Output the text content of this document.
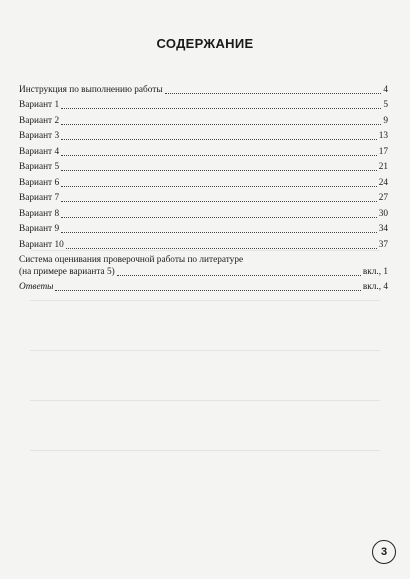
СОДЕРЖАНИЕ
Инструкция по выполнению работы	4
Вариант 1	5
Вариант 2	9
Вариант 3	13
Вариант 4	17
Вариант 5	21
Вариант 6	24
Вариант 7	27
Вариант 8	30
Вариант 9	34
Вариант 10	37
Система оценивания проверочной работы по литературе
(на примере варианта 5)	вкл., 1
Ответы	вкл., 4
3
